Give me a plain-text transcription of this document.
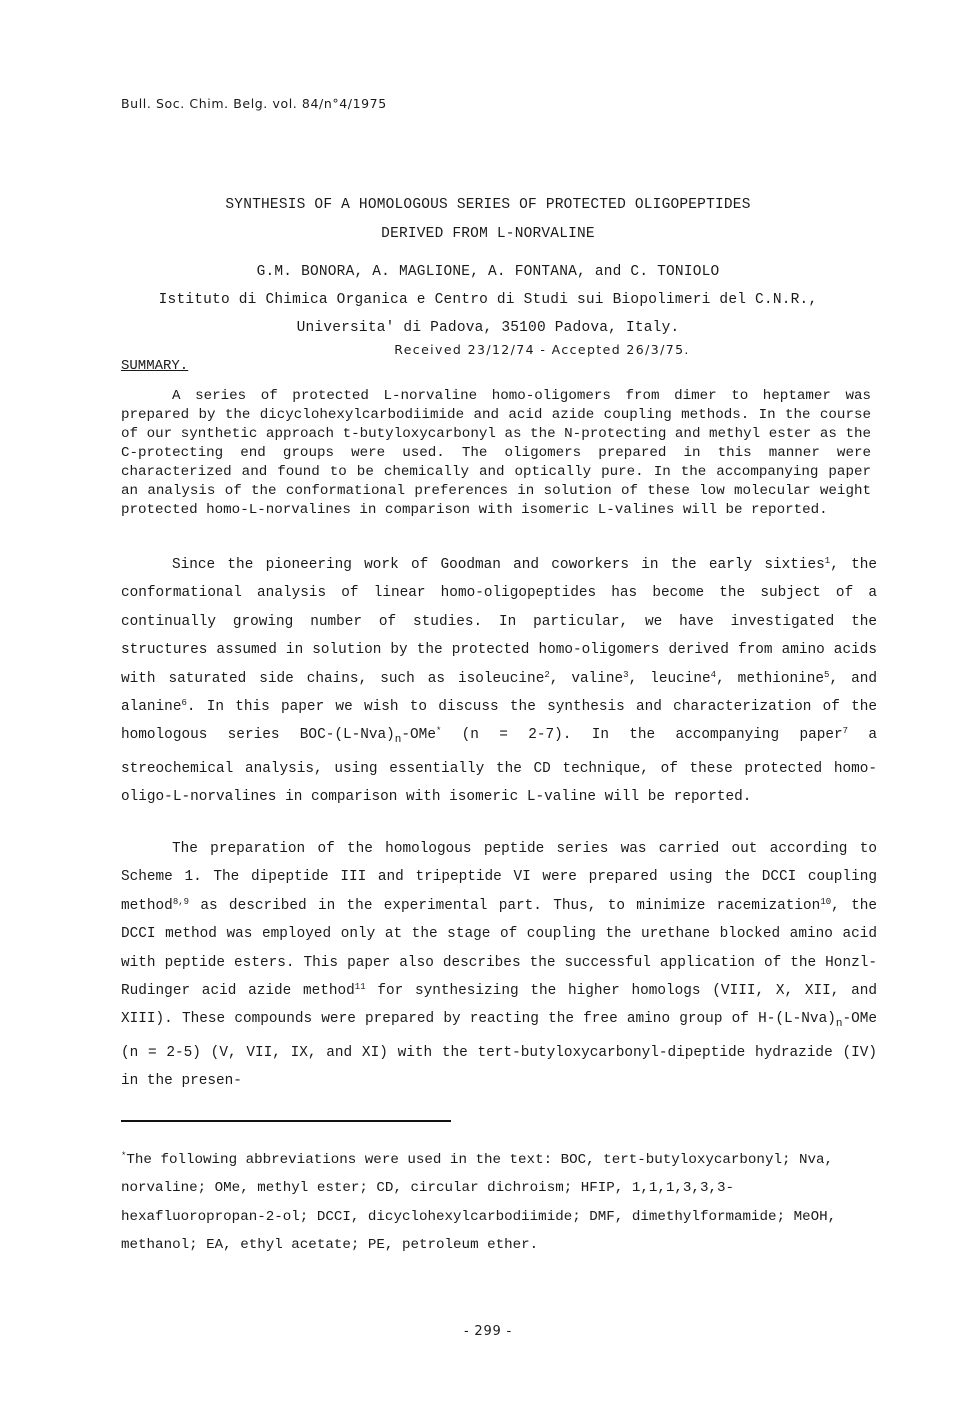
Bull. Soc. Chim. Belg. vol. 84/n°4/1975
SYNTHESIS OF A HOMOLOGOUS SERIES OF PROTECTED OLIGOPEPTIDES
DERIVED FROM L-NORVALINE
G.M. BONORA, A. MAGLIONE, A. FONTANA, and C. TONIOLO
Istituto di Chimica Organica e Centro di Studi sui Biopolimeri del C.N.R.,
Universita' di Padova, 35100 Padova, Italy.
Received 23/12/74 - Accepted 26/3/75.
SUMMARY.

A series of protected L-norvaline homo-oligomers from dimer to heptamer was prepared by the dicyclohexylcarbodiimide and acid azide coupling methods. In the course of our synthetic approach t-butyloxycarbonyl as the N-protecting and methyl ester as the C-protecting end groups were used. The oligomers prepared in this manner were characterized and found to be chemically and optically pure. In the accompanying paper an analysis of the conformational preferences in solution of these low molecular weight protected homo-L-norvalines in comparison with isomeric L-valines will be reported.

Since the pioneering work of Goodman and coworkers in the early sixties$^1$, the conformational analysis of linear homo-oligopeptides has become the subject of a continually growing number of studies. In particular, we have investigated the structures assumed in solution by the protected homo-oligomers derived from amino acids with saturated side chains, such as isoleucine$^2$, valine$^3$, leucine$^4$, methionine$^5$, and alanine$^6$. In this paper we wish to discuss the synthesis and characterization of the homologous series BOC-$(L-Nva)_n-OMe^*$ (n = 2-7). In the accompanying paper$^7$ a streochemical analysis, using essentially the CD technique, of these protected homo-oligo-L-norvalines in comparison with isomeric L-valine will be reported.

The preparation of the homologous peptide series was carried out according to Scheme 1. The dipeptide III and tripeptide VI were prepared using the DCCI coupling method$^{8,9}$ as described in the experimental part. Thus, to minimize racemization$^{10}$, the DCCI method was employed only at the stage of coupling the urethane blocked amino acid with peptide esters. This paper also describes the successful application of the Honzl-Rudinger acid azide method$^{11}$ for synthesizing the higher homologs (VIII, X, XII, and XIII). These compounds were prepared by reacting the free amino group of $H-(L-Nva)_n$-OMe (n = 2-5) (V, VII, IX, and XI) with the tert-butyloxycarbonyl-dipeptide hydrazide (IV) in the presen-

*The following abbreviations were used in the text: BOC, tert-butyloxycarbonyl; Nva, norvaline; OMe, methyl ester; CD, circular dichroism; HFIP, 1,1,1,3,3,3-hexafluoropropan-2-ol; DCCI, dicyclohexylcarbodiimide; DMF, dimethylformamide; MeOH, methanol; EA, ethyl acetate; PE, petroleum ether.

- 299 -
